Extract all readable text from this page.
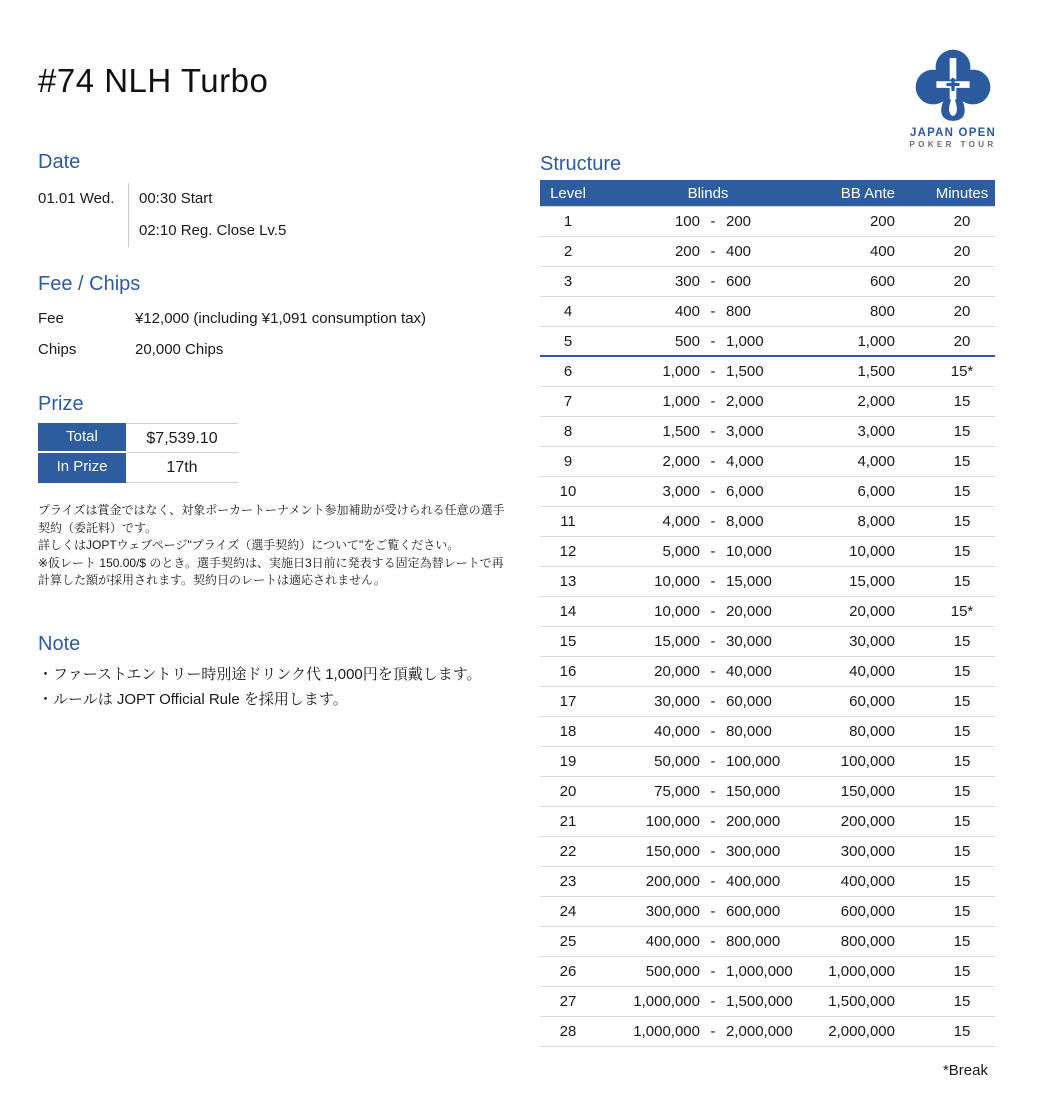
#74 NLH Turbo
JAPAN OPEN
POKER TOUR
Date
01.01 Wed.	00:30 Start
02:10 Reg. Close Lv.5
Fee / Chips
Fee	¥12,000 (including ¥1,091 consumption tax)
Chips	20,000 Chips
Prize
Total	$7,539.10
In Prize	17th

プライズは賞金ではなく、対象ポーカートーナメント参加補助が受けられる任意の選手契約（委託料）です。

詳しくはJOPTウェブページ"プライズ（選手契約）について"をご覧ください。

※仮レート 150.00/$ のとき。選手契約は、実施日3日前に発表する固定為替レートで再計算した額が採用されます。契約日のレートは適応されません。

Note
・ファーストエントリー時別途ドリンク代 1,000円を頂戴します。
・ルールは JOPT Official Rule を採用します。
Structure
Level	Blinds	BB Ante	Minutes
1	100 - 200	200	20
2	200 - 400	400	20
3	300 - 600	600	20
4	400 - 800	800	20
5	500 - 1,000	1,000	20
6	1,000 - 1,500	1,500	15*
7	1,000 - 2,000	2,000	15
8	1,500 - 3,000	3,000	15
9	2,000 - 4,000	4,000	15
10	3,000 - 6,000	6,000	15
11	4,000 - 8,000	8,000	15
12	5,000 - 10,000	10,000	15
13	10,000 - 15,000	15,000	15
14	10,000 - 20,000	20,000	15*
15	15,000 - 30,000	30,000	15
16	20,000 - 40,000	40,000	15
17	30,000 - 60,000	60,000	15
18	40,000 - 80,000	80,000	15
19	50,000 - 100,000	100,000	15
20	75,000 - 150,000	150,000	15
21	100,000 - 200,000	200,000	15
22	150,000 - 300,000	300,000	15
23	200,000 - 400,000	400,000	15
24	300,000 - 600,000	600,000	15
25	400,000 - 800,000	800,000	15
26	500,000 - 1,000,000	1,000,000	15
27	1,000,000 - 1,500,000	1,500,000	15
28	1,000,000 - 2,000,000	2,000,000	15
*Break
